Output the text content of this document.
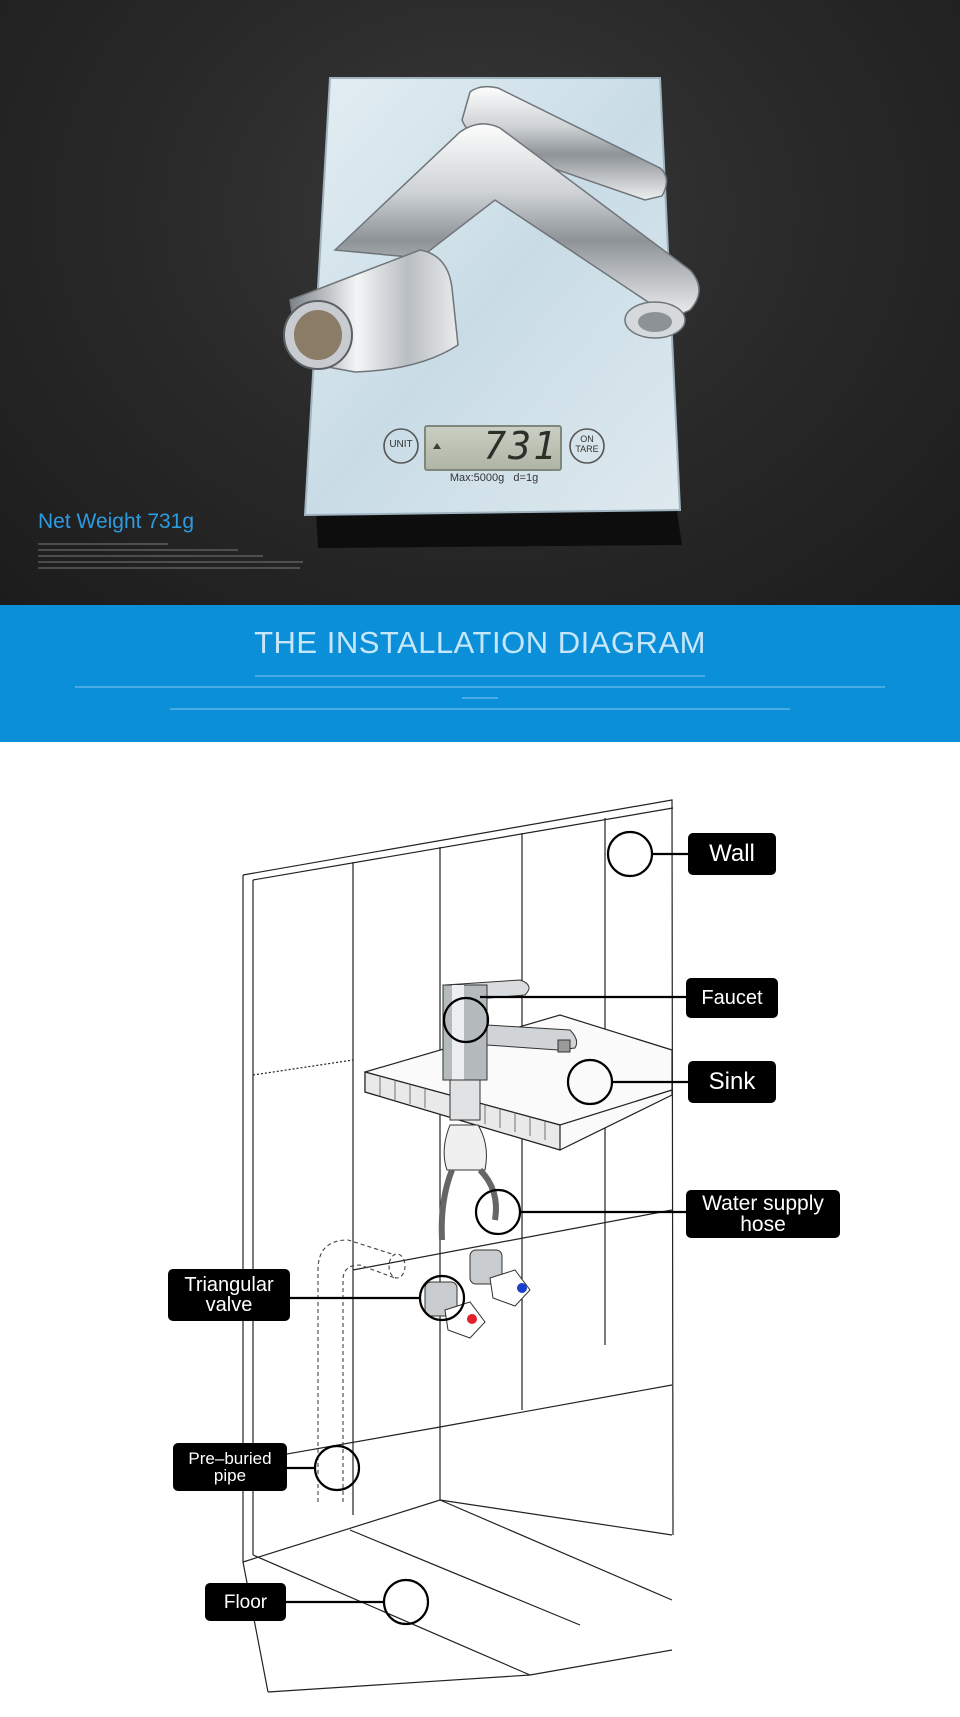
UNIT	ON
TARE
731
Max:5000g   d=1g
Net Weight 731g
THE INSTALLATION DIAGRAM
Wall
Faucet
Sink
Water supply
hose
Triangular
valve
Pre–buried
pipe
Floor
